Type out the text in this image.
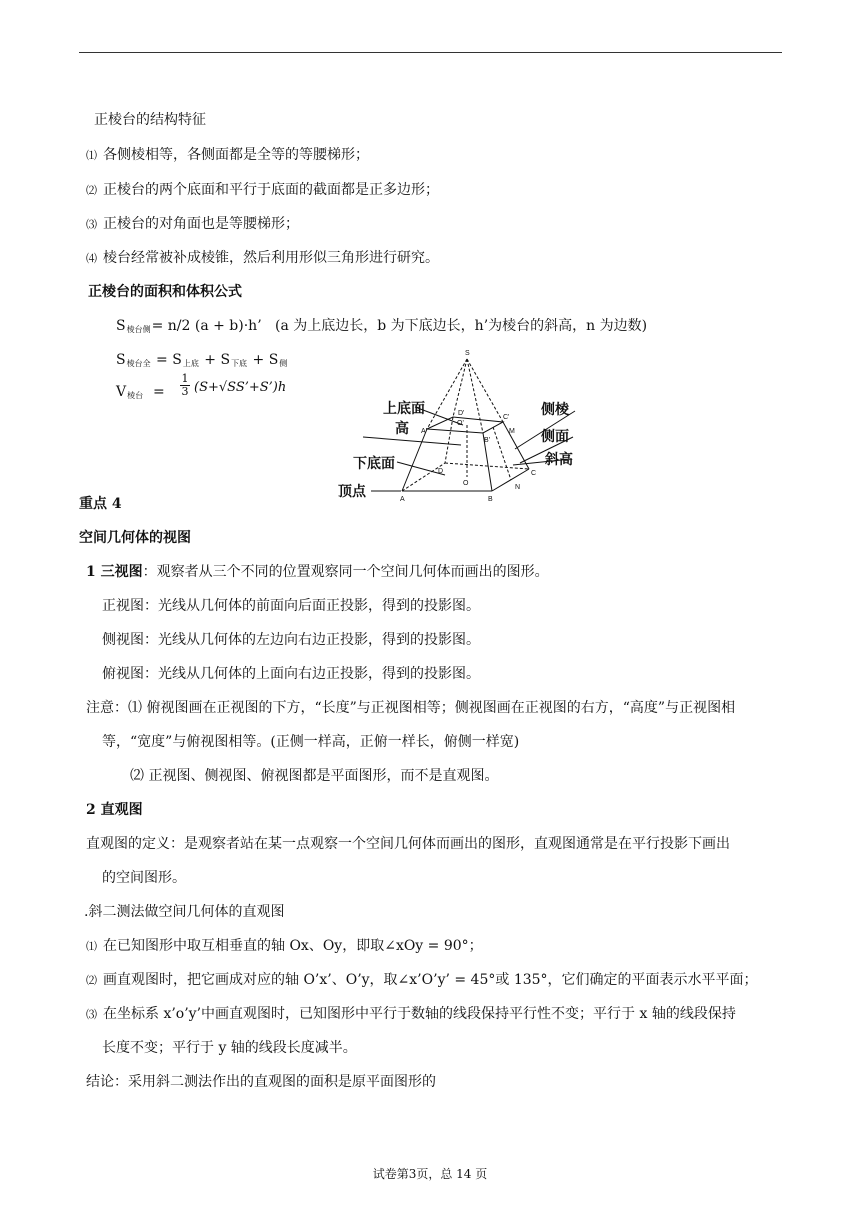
正棱台的结构特征
⑴ 各侧棱相等，各侧面都是全等的等腰梯形；
⑵ 正棱台的两个底面和平行于底面的截面都是正多边形；
⑶ 正棱台的对角面也是等腰梯形；
⑷ 棱台经常被补成棱锥，然后利用形似三角形进行研究。
正棱台的面积和体积公式
$S_{棱台侧}= n/2$ (a + b)·h’ (a 为上底边长，b 为下底边长，h’为棱台的斜高，n 为边数)
$S_{棱台全} = S_{上底} + S_{下底} + S_侧$
$V_{棱台}$ =
1
3 (S+√SS’+S’)h
S
A'
O'
B'
C'
M
D'
A	B
C
D
O
N
上底面
高
下底面
顶点
侧棱
侧面
斜高
重点 4
空间几何体的视图
1 三视图：观察者从三个不同的位置观察同一个空间几何体而画出的图形。
正视图：光线从几何体的前面向后面正投影，得到的投影图。
侧视图：光线从几何体的左边向右边正投影，得到的投影图。
俯视图：光线从几何体的上面向右边正投影，得到的投影图。
注意：⑴ 俯视图画在正视图的下方，“长度”与正视图相等；侧视图画在正视图的右方，“高度”与正视图相
等，“宽度”与俯视图相等。(正侧一样高，正俯一样长，俯侧一样宽)
⑵ 正视图、侧视图、俯视图都是平面图形，而不是直观图。
2 直观图
直观图的定义：是观察者站在某一点观察一个空间几何体而画出的图形，直观图通常是在平行投影下画出
的空间图形。
.斜二测法做空间几何体的直观图
⑴ 在已知图形中取互相垂直的轴 Ox、Oy，即取∠xOy = 90°；
⑵ 画直观图时，把它画成对应的轴 O’x’、O’y，取∠x’O’y’ = 45°或 135°，它们确定的平面表示水平平面；
⑶ 在坐标系 x’o’y’中画直观图时，已知图形中平行于数轴的线段保持平行性不变；平行于 x 轴的线段保持
长度不变；平行于 y 轴的线段长度减半。
结论：采用斜二测法作出的直观图的面积是原平面图形的
试卷第3页，总 14 页
